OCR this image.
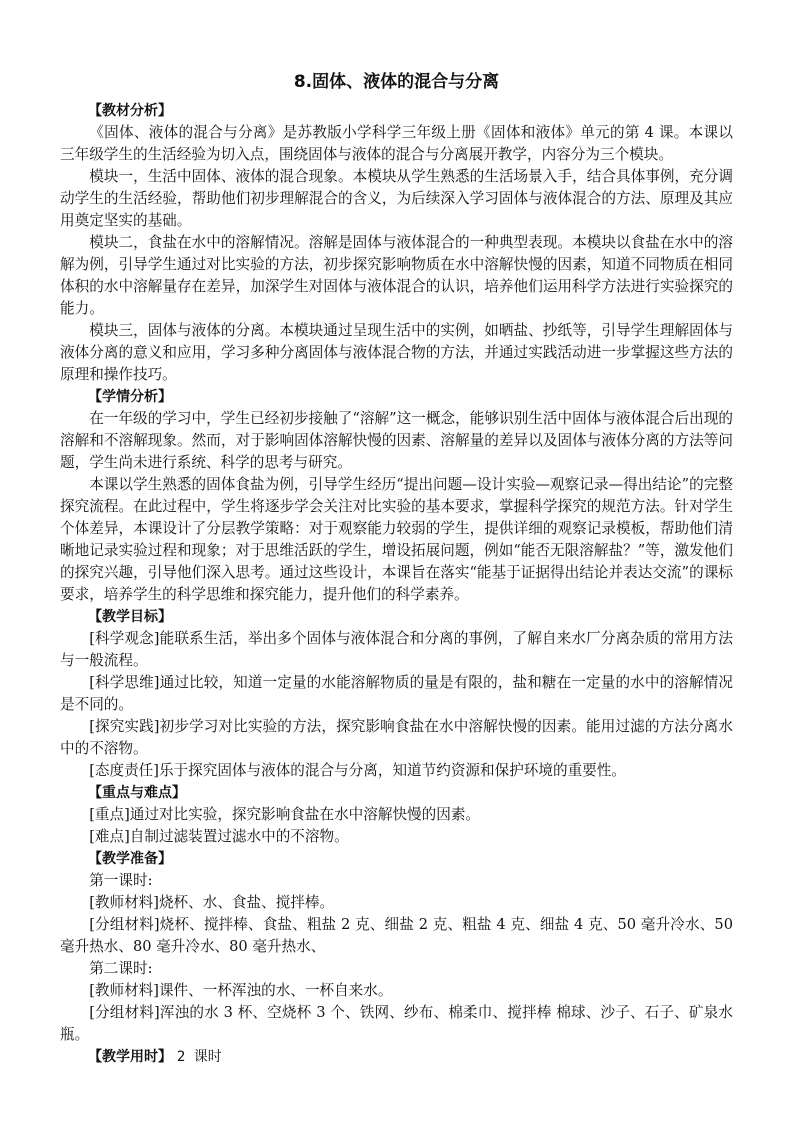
8.固体、液体的混合与分离

【教材分析】

《固体、液体的混合与分离》是苏教版小学科学三年级上册《固体和液体》单元的第 4 课。本课以三年级学生的生活经验为切入点，围绕固体与液体的混合与分离展开教学，内容分为三个模块。

模块一，生活中固体、液体的混合现象。本模块从学生熟悉的生活场景入手，结合具体事例，充分调动学生的生活经验，帮助他们初步理解混合的含义，为后续深入学习固体与液体混合的方法、原理及其应用奠定坚实的基础。

模块二，食盐在水中的溶解情况。溶解是固体与液体混合的一种典型表现。本模块以食盐在水中的溶解为例，引导学生通过对比实验的方法，初步探究影响物质在水中溶解快慢的因素，知道不同物质在相同体积的水中溶解量存在差异，加深学生对固体与液体混合的认识，培养他们运用科学方法进行实验探究的能力。

模块三，固体与液体的分离。本模块通过呈现生活中的实例，如晒盐、抄纸等，引导学生理解固体与液体分离的意义和应用，学习多种分离固体与液体混合物的方法，并通过实践活动进一步掌握这些方法的原理和操作技巧。

【学情分析】

在一年级的学习中，学生已经初步接触了“溶解”这一概念，能够识别生活中固体与液体混合后出现的溶解和不溶解现象。然而，对于影响固体溶解快慢的因素、溶解量的差异以及固体与液体分离的方法等问题，学生尚未进行系统、科学的思考与研究。

本课以学生熟悉的固体食盐为例，引导学生经历“提出问题—设计实验—观察记录—得出结论”的完整探究流程。在此过程中，学生将逐步学会关注对比实验的基本要求，掌握科学探究的规范方法。针对学生个体差异，本课设计了分层教学策略：对于观察能力较弱的学生，提供详细的观察记录模板，帮助他们清晰地记录实验过程和现象；对于思维活跃的学生，增设拓展问题，例如“能否无限溶解盐？”等，激发他们的探究兴趣，引导他们深入思考。通过这些设计，本课旨在落实“能基于证据得出结论并表达交流”的课标要求，培养学生的科学思维和探究能力，提升他们的科学素养。

【教学目标】

[科学观念]能联系生活，举出多个固体与液体混合和分离的事例，了解自来水厂分离杂质的常用方法与一般流程。

[科学思维]通过比较，知道一定量的水能溶解物质的量是有限的，盐和糖在一定量的水中的溶解情况是不同的。

[探究实践]初步学习对比实验的方法，探究影响食盐在水中溶解快慢的因素。能用过滤的方法分离水中的不溶物。

[态度责任]乐于探究固体与液体的混合与分离，知道节约资源和保护环境的重要性。

【重点与难点】

[重点]通过对比实验，探究影响食盐在水中溶解快慢的因素。

[难点]自制过滤装置过滤水中的不溶物。

【教学准备】

第一课时:

[教师材料]烧杯、水、食盐、搅拌棒。

[分组材料]烧杯、搅拌棒、食盐、粗盐 2 克、细盐 2 克、粗盐 4 克、细盐 4 克、50 毫升冷水、50 毫升热水、80 毫升冷水、80 毫升热水、

第二课时:

[教师材料]课件、一杯浑浊的水、一杯自来水。

[分组材料]浑浊的水 3 杯、空烧杯 3 个、铁网、纱布、棉柔巾、搅拌棒 棉球、沙子、石子、矿泉水瓶。

【教学用时】 2 课时
